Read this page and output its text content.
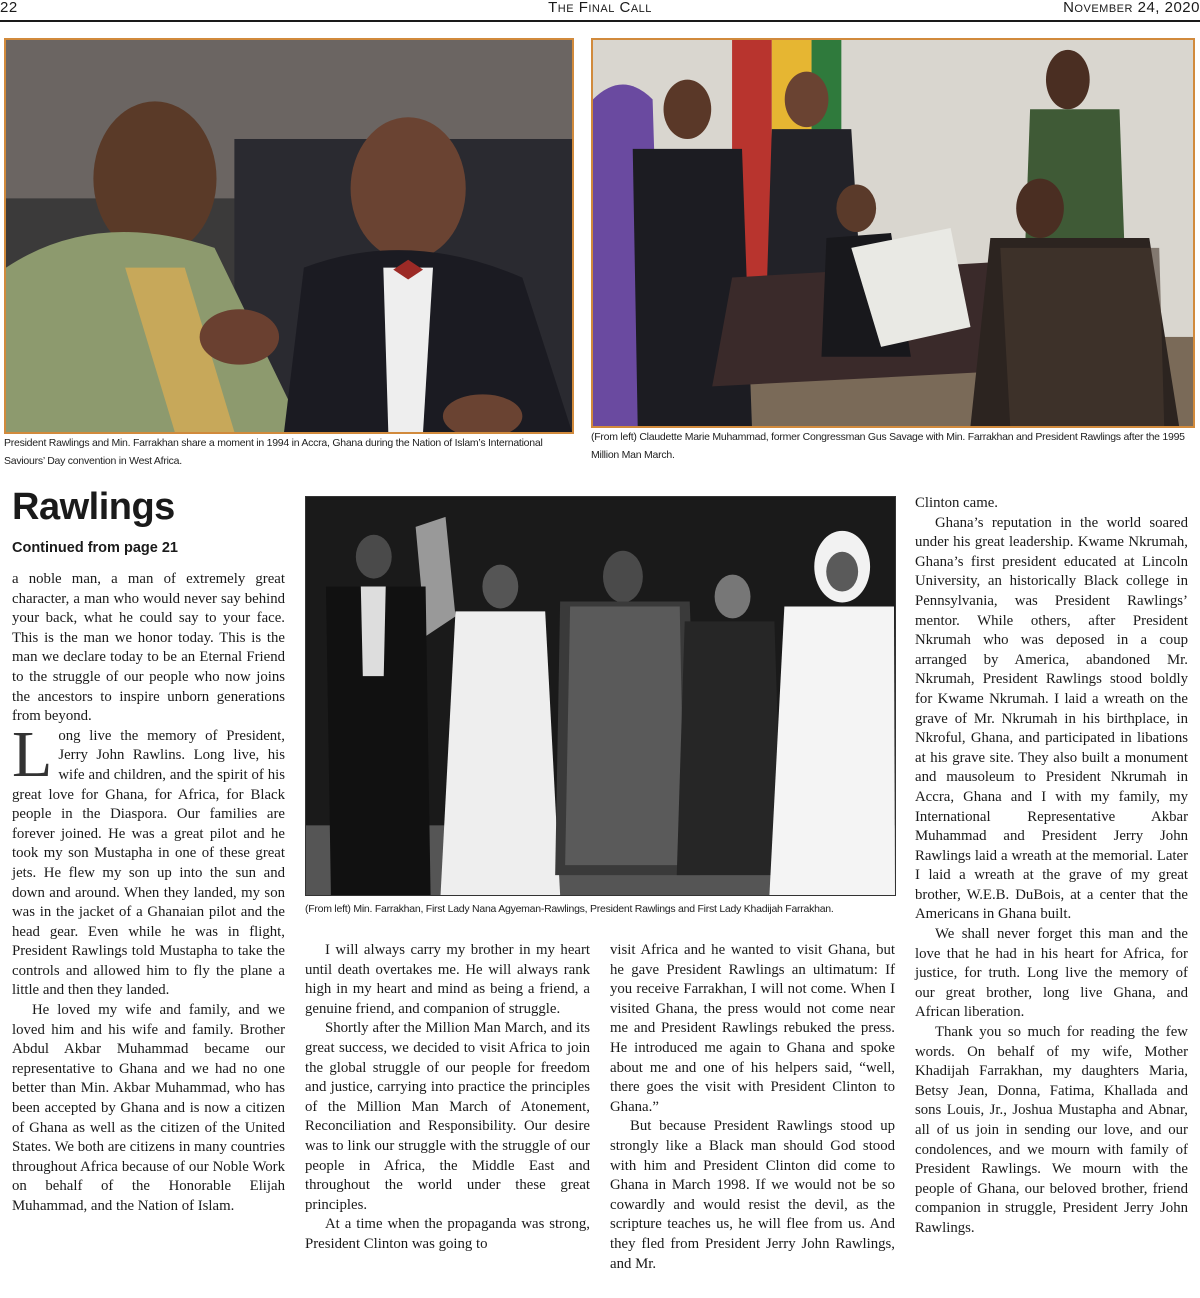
22	The Final Call	November 24, 2020
President Rawlings and Min. Farrakhan share a moment in 1994 in Accra, Ghana during the Nation of Islam’s International Saviours’ Day convention in West Africa.
(From left) Claudette Marie Muhammad, former Congressman Gus Savage with Min. Farrakhan and President Rawlings after the 1995 Million Man March.
Rawlings
Continued from page 21
(From left) Min. Farrakhan, First Lady Nana Agyeman-Rawlings, President Rawlings and First Lady Khadijah Farrakhan.

a noble man, a man of extremely great character, a man who would never say behind your back, what he could say to your face. This is the man we honor today. This is the man we declare today to be an Eternal Friend to the struggle of our people who now joins the ancestors to inspire unborn generations from beyond.

Long live the memory of President, Jerry John Rawlins. Long live, his wife and children, and the spirit of his great love for Ghana, for Africa, for Black people in the Diaspora. Our families are forever joined. He was a great pilot and he took my son Mustapha in one of these great jets. He flew my son up into the sun and down and around. When they landed, my son was in the jacket of a Ghanaian pilot and the head gear. Even while he was in flight, President Rawlings told Mustapha to take the controls and allowed him to fly the plane a little and then they landed.

He loved my wife and family, and we loved him and his wife and family. Brother Abdul Akbar Muhammad became our representative to Ghana and we had no one better than Min. Akbar Muhammad, who has been accepted by Ghana and is now a citizen of Ghana as well as the citizen of the United States. We both are citizens in many countries throughout Africa because of our Noble Work on behalf of the Honorable Elijah Muhammad, and the Nation of Islam.

I will always carry my brother in my heart until death overtakes me. He will always rank high in my heart and mind as being a friend, a genuine friend, and companion of struggle.

Shortly after the Million Man March, and its great success, we decided to visit Africa to join the global struggle of our people for freedom and justice, carrying into practice the principles of the Million Man March of Atonement, Reconciliation and Responsibility. Our desire was to link our struggle with the struggle of our people in Africa, the Middle East and throughout the world under these great principles.

At a time when the propaganda was strong, President Clinton was going to

visit Africa and he wanted to visit Ghana, but he gave President Rawlings an ultimatum: If you receive Farrakhan, I will not come. When I visited Ghana, the press would not come near me and President Rawlings rebuked the press. He introduced me again to Ghana and spoke about me and one of his helpers said, “well, there goes the visit with President Clinton to Ghana.”

But because President Rawlings stood up strongly like a Black man should God stood with him and President Clinton did come to Ghana in March 1998. If we would not be so cowardly and would resist the devil, as the scripture teaches us, he will flee from us. And they fled from President Jerry John Rawlings, and Mr.

Clinton came.

Ghana’s reputation in the world soared under his great leadership. Kwame Nkrumah, Ghana’s first president educated at Lincoln University, an historically Black college in Pennsylvania, was President Rawlings’ mentor. While others, after President Nkrumah who was deposed in a coup arranged by America, abandoned Mr. Nkrumah, President Rawlings stood boldly for Kwame Nkrumah. I laid a wreath on the grave of Mr. Nkrumah in his birthplace, in Nkroful, Ghana, and participated in libations at his grave site. They also built a monument and mausoleum to President Nkrumah in Accra, Ghana and I with my family, my International Representative Akbar Muhammad and President Jerry John Rawlings laid a wreath at the memorial. Later I laid a wreath at the grave of my great brother, W.E.B. DuBois, at a center that the Americans in Ghana built.

We shall never forget this man and the love that he had in his heart for Africa, for justice, for truth. Long live the memory of our great brother, long live Ghana, and African liberation.

Thank you so much for reading the few words. On behalf of my wife, Mother Khadijah Farrakhan, my daughters Maria, Betsy Jean, Donna, Fatima, Khallada and sons Louis, Jr., Joshua Mustapha and Abnar, all of us join in sending our love, and our condolences, and we mourn with family of President Rawlings. We mourn with the people of Ghana, our beloved brother, friend companion in struggle, President Jerry John Rawlings.
